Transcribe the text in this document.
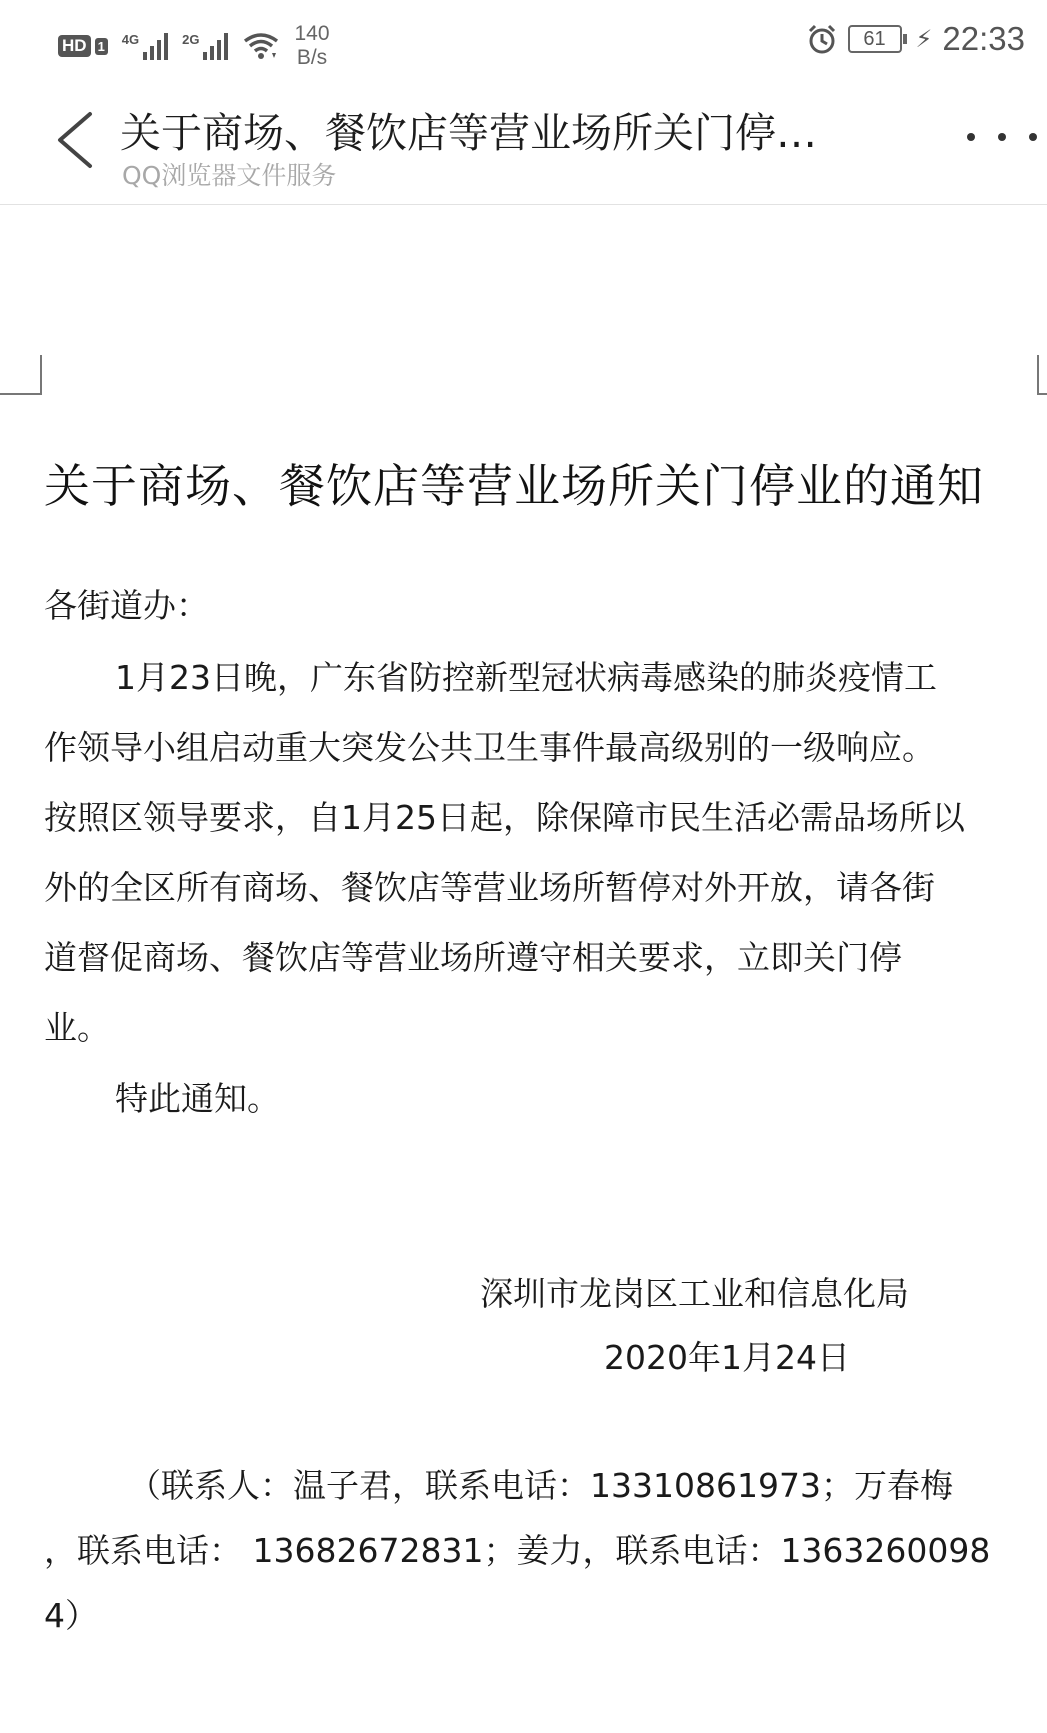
HD 1 4G	2G	140
B/s
61	⚡ 22:33
关于商场、餐饮店等营业场所关门停…
QQ浏览器文件服务
关于商场、餐饮店等营业场所关门停业的通知
各街道办：
1月23日晚，广东省防控新型冠状病毒感染的肺炎疫情工
作领导小组启动重大突发公共卫生事件最高级别的一级响应。
按照区领导要求，自1月25日起，除保障市民生活必需品场所以
外的全区所有商场、餐饮店等营业场所暂停对外开放，请各街
道督促商场、餐饮店等营业场所遵守相关要求，立即关门停
业。
特此通知。
深圳市龙岗区工业和信息化局
2020年1月24日
（联系人：温子君，联系电话：13310861973；万春梅
，联系电话： 13682672831；姜力，联系电话：1363260098
4）
